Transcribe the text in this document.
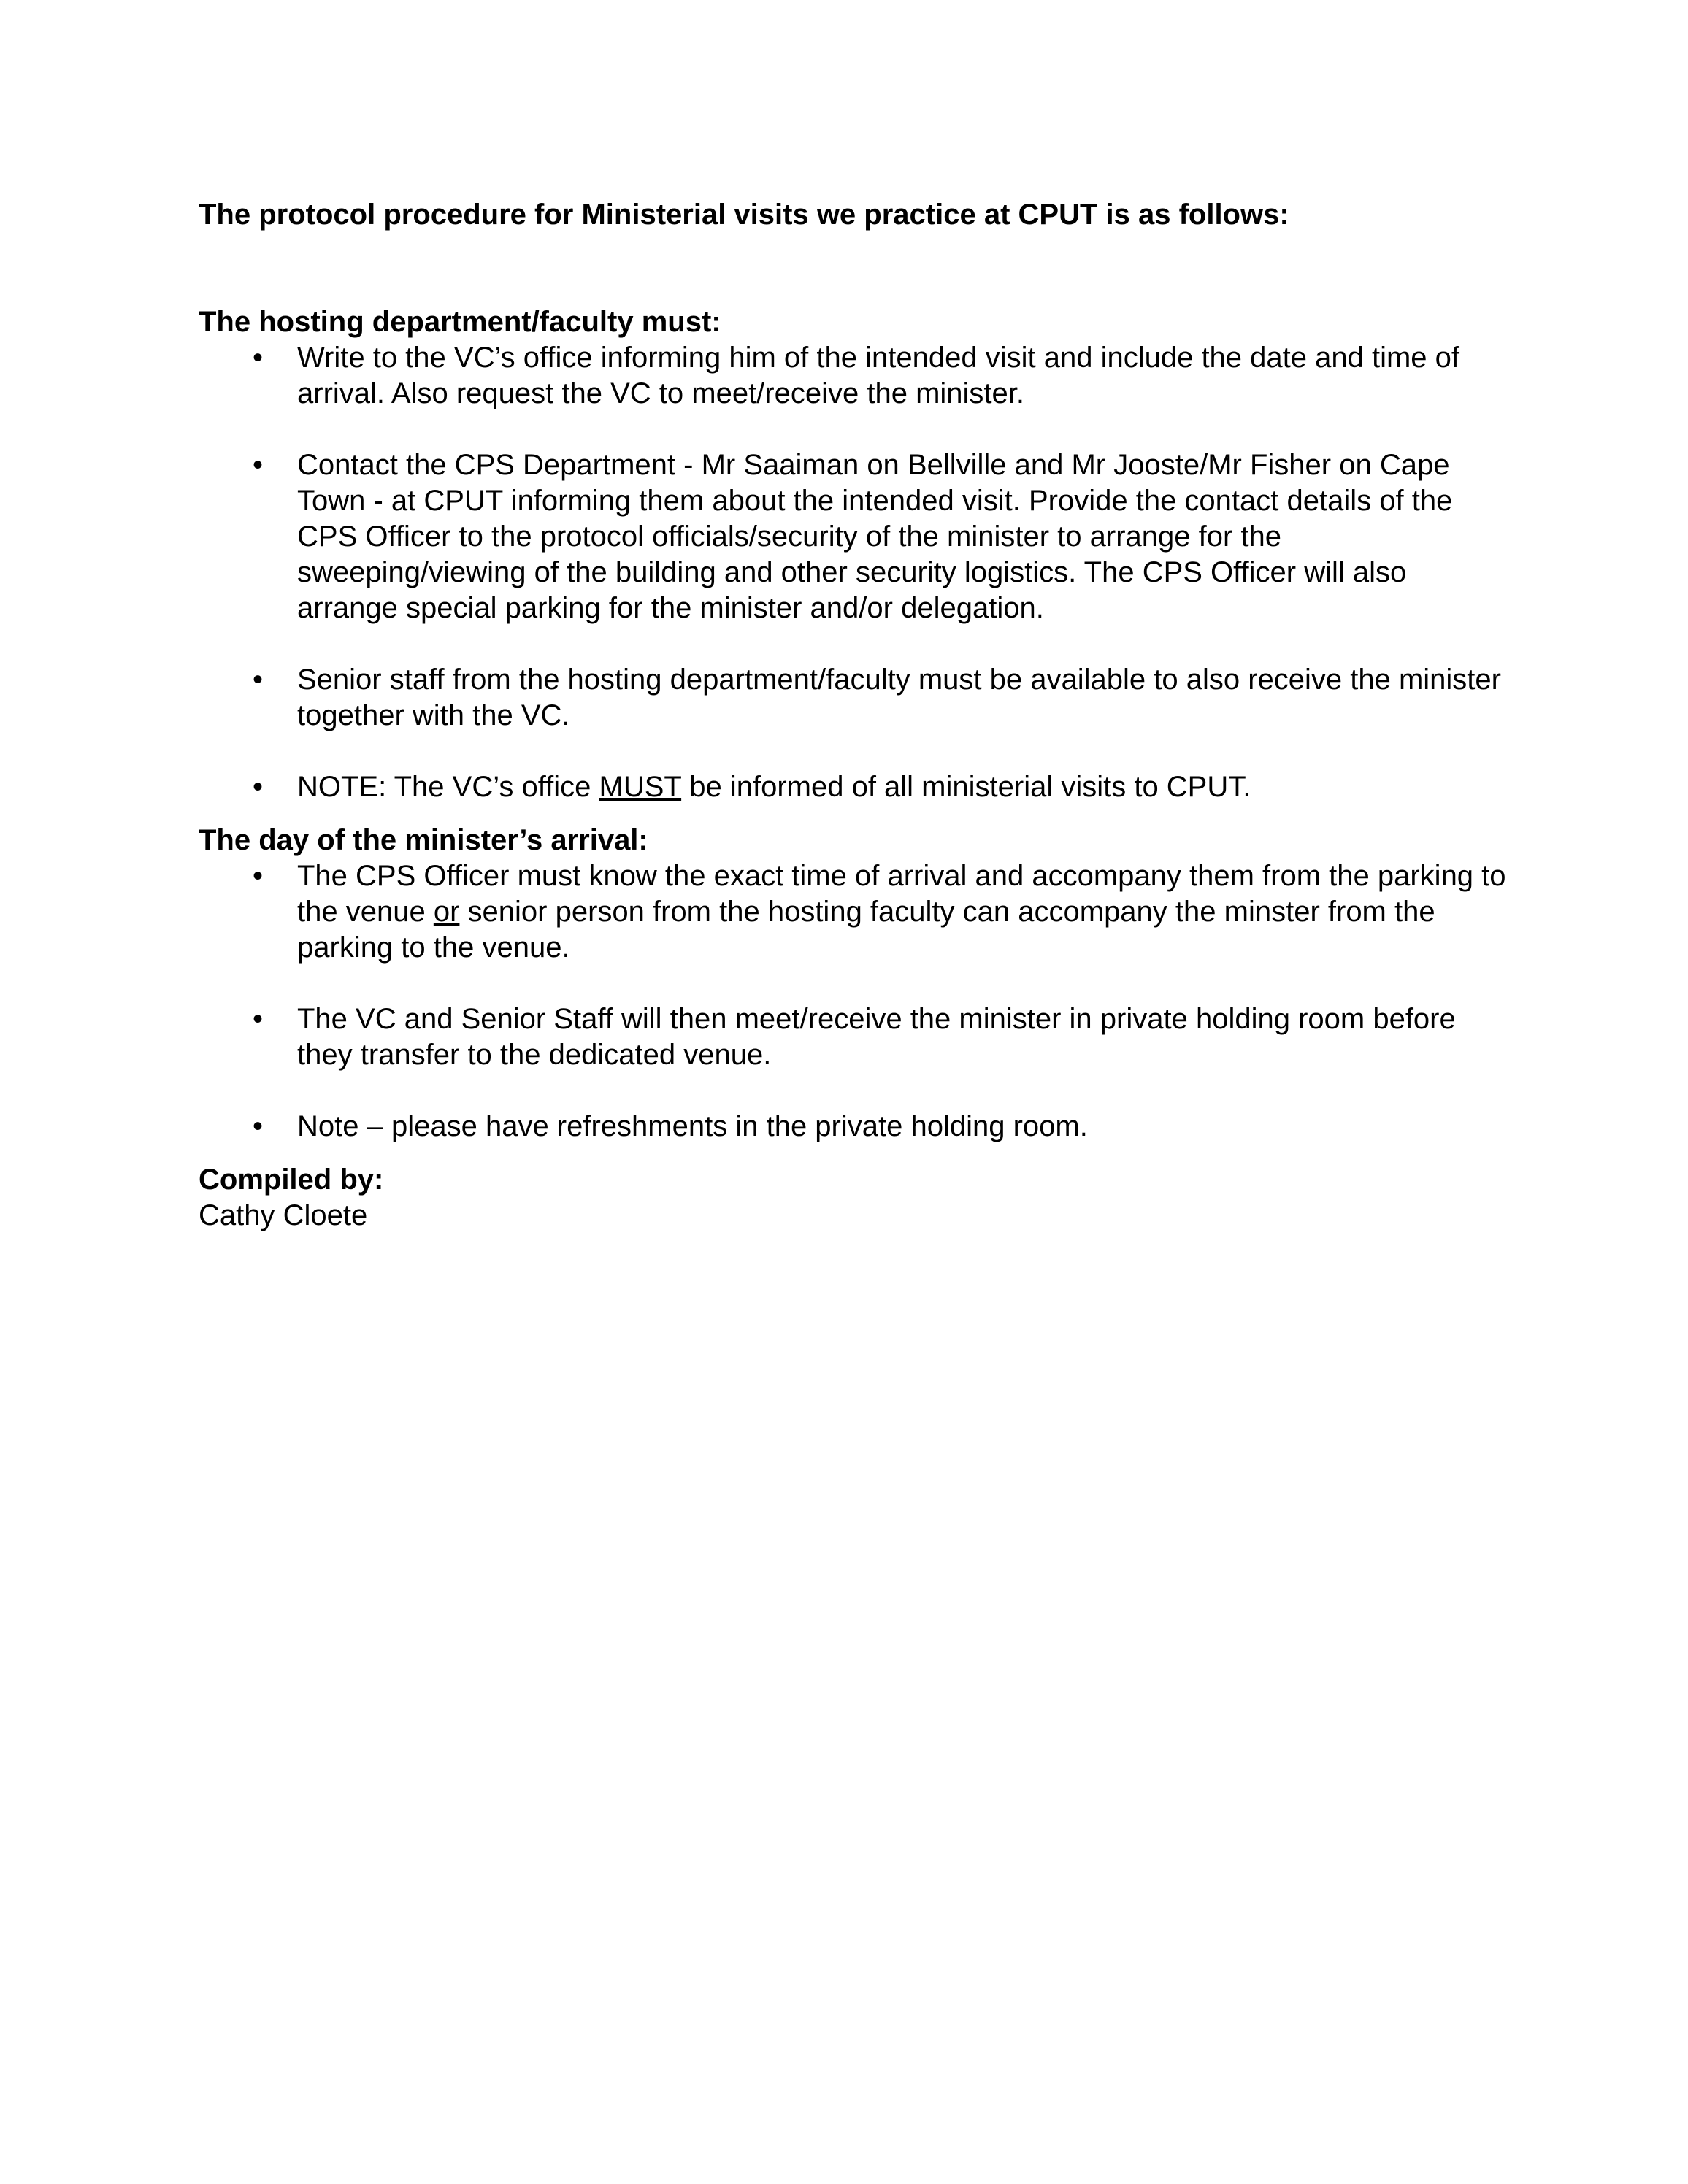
The protocol procedure for Ministerial visits we practice at CPUT is as follows:

The hosting department/faculty must:

• Write to the VC’s office informing him of the intended visit and include the date and time of arrival. Also request the VC to meet/receive the minister.
• Contact the CPS Department - Mr Saaiman on Bellville and Mr Jooste/Mr Fisher on Cape Town - at CPUT informing them about the intended visit. Provide the contact details of the CPS Officer to the protocol officials/security of the minister to arrange for the sweeping/viewing of the building and other security logistics. The CPS Officer will also arrange special parking for the minister and/or delegation.
• Senior staff from the hosting department/faculty must be available to also receive the minister together with the VC.
• NOTE: The VC’s office MUST be informed of all ministerial visits to CPUT.

The day of the minister’s arrival:

• The CPS Officer must know the exact time of arrival and accompany them from the parking to the venue or senior person from the hosting faculty can accompany the minster from the parking to the venue.
• The VC and Senior Staff will then meet/receive the minister in private holding room before they transfer to the dedicated venue.
• Note – please have refreshments in the private holding room.

Compiled by:

Cathy Cloete
